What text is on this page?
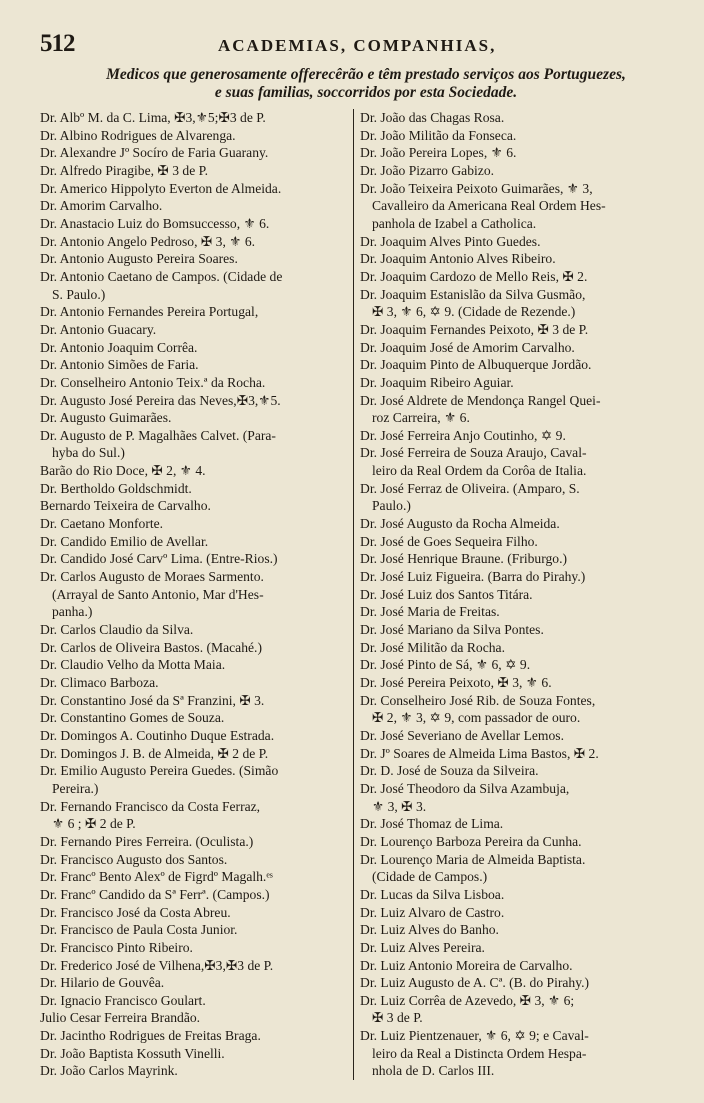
512	ACADEMIAS, COMPANHIAS,
Medicos que generosamente offerecêrão e têm prestado serviços aos Portuguezes,
e suas familias, soccorridos por esta Sociedade.

Dr. Albº M. da C. Lima, ✠3,⚜5;✠3 de P.

Dr. Albino Rodrigues de Alvarenga.

Dr. Alexandre Jº Socíro de Faria Guarany.

Dr. Alfredo Piragibe, ✠ 3 de P.

Dr. Americo Hippolyto Everton de Almeida.

Dr. Amorim Carvalho.

Dr. Anastacio Luiz do Bomsuccesso, ⚜ 6.

Dr. Antonio Angelo Pedroso, ✠ 3, ⚜ 6.

Dr. Antonio Augusto Pereira Soares.

Dr. Antonio Caetano de Campos. (Cidade de
S. Paulo.)

Dr. Antonio Fernandes Pereira Portugal,

Dr. Antonio Guacary.

Dr. Antonio Joaquim Corrêa.

Dr. Antonio Simões de Faria.

Dr. Conselheiro Antonio Teix.ª da Rocha.

Dr. Augusto José Pereira das Neves,✠3,⚜5.

Dr. Augusto Guimarães.

Dr. Augusto de P. Magalhães Calvet. (Para-
hyba do Sul.)

Barão do Rio Doce, ✠ 2, ⚜ 4.

Dr. Bertholdo Goldschmidt.

Bernardo Teixeira de Carvalho.

Dr. Caetano Monforte.

Dr. Candido Emilio de Avellar.

Dr. Candido José Carvº Lima. (Entre-Rios.)

Dr. Carlos Augusto de Moraes Sarmento.
(Arrayal de Santo Antonio, Mar d'Hes-
panha.)

Dr. Carlos Claudio da Silva.

Dr. Carlos de Oliveira Bastos. (Macahé.)

Dr. Claudio Velho da Motta Maia.

Dr. Climaco Barboza.

Dr. Constantino José da Sª Franzini, ✠ 3.

Dr. Constantino Gomes de Souza.

Dr. Domingos A. Coutinho Duque Estrada.

Dr. Domingos J. B. de Almeida, ✠ 2 de P.

Dr. Emilio Augusto Pereira Guedes. (Simão
Pereira.)

Dr. Fernando Francisco da Costa Ferraz,
⚜ 6 ; ✠ 2 de P.

Dr. Fernando Pires Ferreira. (Oculista.)

Dr. Francisco Augusto dos Santos.

Dr. Francº Bento Alexº de Figrdº Magalh.ᵉˢ

Dr. Francº Candido da Sª Ferrª. (Campos.)

Dr. Francisco José da Costa Abreu.

Dr. Francisco de Paula Costa Junior.

Dr. Francisco Pinto Ribeiro.

Dr. Frederico José de Vilhena,✠3,✠3 de P.

Dr. Hilario de Gouvêa.

Dr. Ignacio Francisco Goulart.

Julio Cesar Ferreira Brandão.

Dr. Jacintho Rodrigues de Freitas Braga.

Dr. João Baptista Kossuth Vinelli.

Dr. João Carlos Mayrink.

Dr. João das Chagas Rosa.

Dr. João Militão da Fonseca.

Dr. João Pereira Lopes, ⚜ 6.

Dr. João Pizarro Gabizo.

Dr. João Teixeira Peixoto Guimarães, ⚜ 3,
Cavalleiro da Americana Real Ordem Hes-
panhola de Izabel a Catholica.

Dr. Joaquim Alves Pinto Guedes.

Dr. Joaquim Antonio Alves Ribeiro.

Dr. Joaquim Cardozo de Mello Reis, ✠ 2.

Dr. Joaquim Estanislão da Silva Gusmão,
✠ 3, ⚜ 6, ✡ 9. (Cidade de Rezende.)

Dr. Joaquim Fernandes Peixoto, ✠ 3 de P.

Dr. Joaquim José de Amorim Carvalho.

Dr. Joaquim Pinto de Albuquerque Jordão.

Dr. Joaquim Ribeiro Aguiar.

Dr. José Aldrete de Mendonça Rangel Quei-
roz Carreira, ⚜ 6.

Dr. José Ferreira Anjo Coutinho, ✡ 9.

Dr. José Ferreira de Souza Araujo, Caval-
leiro da Real Ordem da Corôa de Italia.

Dr. José Ferraz de Oliveira. (Amparo, S.
Paulo.)

Dr. José Augusto da Rocha Almeida.

Dr. José de Goes Sequeira Filho.

Dr. José Henrique Braune. (Friburgo.)

Dr. José Luiz Figueira. (Barra do Pirahy.)

Dr. José Luiz dos Santos Titára.

Dr. José Maria de Freitas.

Dr. José Mariano da Silva Pontes.

Dr. José Militão da Rocha.

Dr. José Pinto de Sá, ⚜ 6, ✡ 9.

Dr. José Pereira Peixoto, ✠ 3, ⚜ 6.

Dr. Conselheiro José Rib. de Souza Fontes,
✠ 2, ⚜ 3, ✡ 9, com passador de ouro.

Dr. José Severiano de Avellar Lemos.

Dr. Jº Soares de Almeida Lima Bastos, ✠ 2.

Dr. D. José de Souza da Silveira.

Dr. José Theodoro da Silva Azambuja,
⚜ 3, ✠ 3.

Dr. José Thomaz de Lima.

Dr. Lourenço Barboza Pereira da Cunha.

Dr. Lourenço Maria de Almeida Baptista.
(Cidade de Campos.)

Dr. Lucas da Silva Lisboa.

Dr. Luiz Alvaro de Castro.

Dr. Luiz Alves do Banho.

Dr. Luiz Alves Pereira.

Dr. Luiz Antonio Moreira de Carvalho.

Dr. Luiz Augusto de A. Cª. (B. do Pirahy.)

Dr. Luiz Corrêa de Azevedo, ✠ 3, ⚜ 6;
✠ 3 de P.

Dr. Luiz Pientzenauer, ⚜ 6, ✡ 9; e Caval-
leiro da Real a Distincta Ordem Hespa-
nhola de D. Carlos III.
